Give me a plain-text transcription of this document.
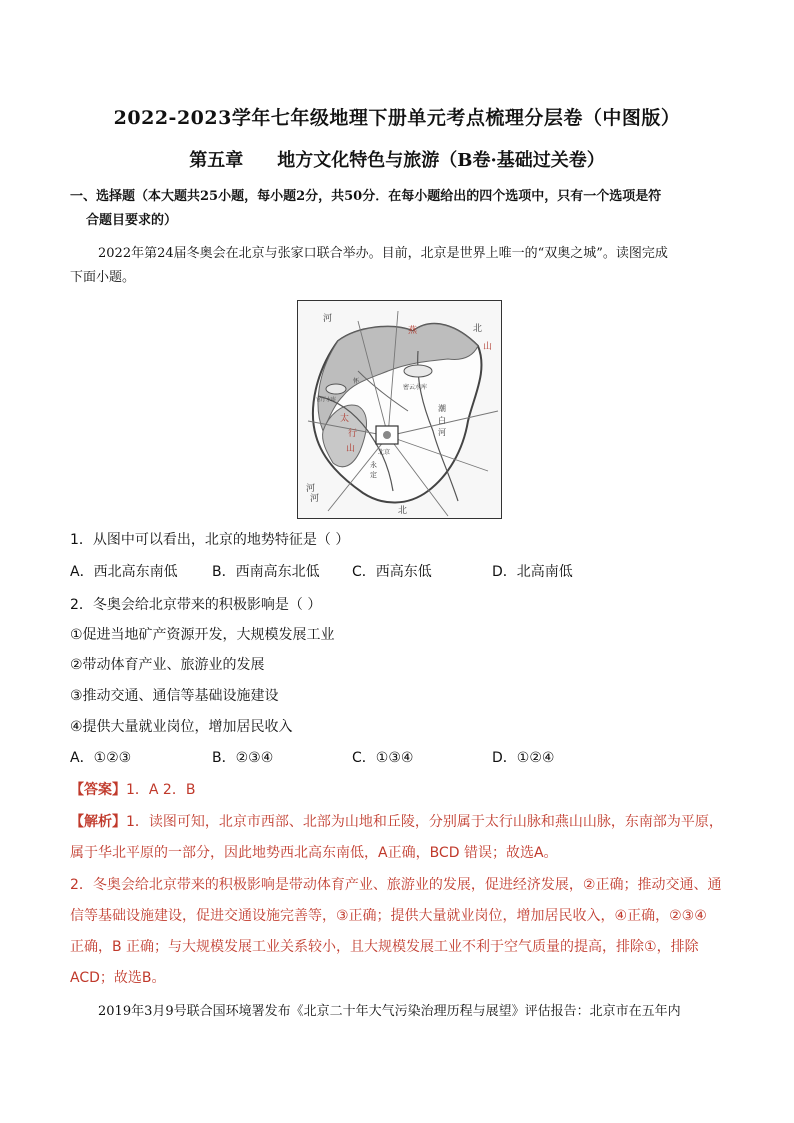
2022-2023学年七年级地理下册单元考点梳理分层卷（中图版）
第五章 地方文化特色与旅游（B卷·基础过关卷）
一、选择题（本大题共25小题，每小题2分，共50分．在每小题给出的四个选项中，只有一个选项是符
合题目要求的）
2022年第24届冬奥会在北京与张家口联合举办。目前，北京是世界上唯一的“双奥之城”。读图完成
下面小题。
河
北
燕
山
密云水库
北京
太
行
山
潮
白
河
永
定
河
河
北
怀
官厅水库
1．从图中可以看出，北京的地势特征是（ ）
A．西北高东南低 B．西南高东北低 C．西高东低	D．北高南低
2．冬奥会给北京带来的积极影响是（ ）
①促进当地矿产资源开发，大规模发展工业
②带动体育产业、旅游业的发展
③推动交通、通信等基础设施建设
④提供大量就业岗位，增加居民收入
A．①②③	B．②③④	C．①③④	D．①②④
【答案】1．A 2．B
【解析】1．读图可知，北京市西部、北部为山地和丘陵，分别属于太行山脉和燕山山脉，东南部为平原，
属于华北平原的一部分，因此地势西北高东南低，A正确，BCD 错误；故选A。
2．冬奥会给北京带来的积极影响是带动体育产业、旅游业的发展，促进经济发展，②正确；推动交通、通
信等基础设施建设，促进交通设施完善等，③正确；提供大量就业岗位，增加居民收入，④正确，②③④
正确，B 正确；与大规模发展工业关系较小，且大规模发展工业不利于空气质量的提高，排除①，排除
ACD；故选B。
2019年3月9号联合国环境署发布《北京二十年大气污染治理历程与展望》评估报告：北京市在五年内
